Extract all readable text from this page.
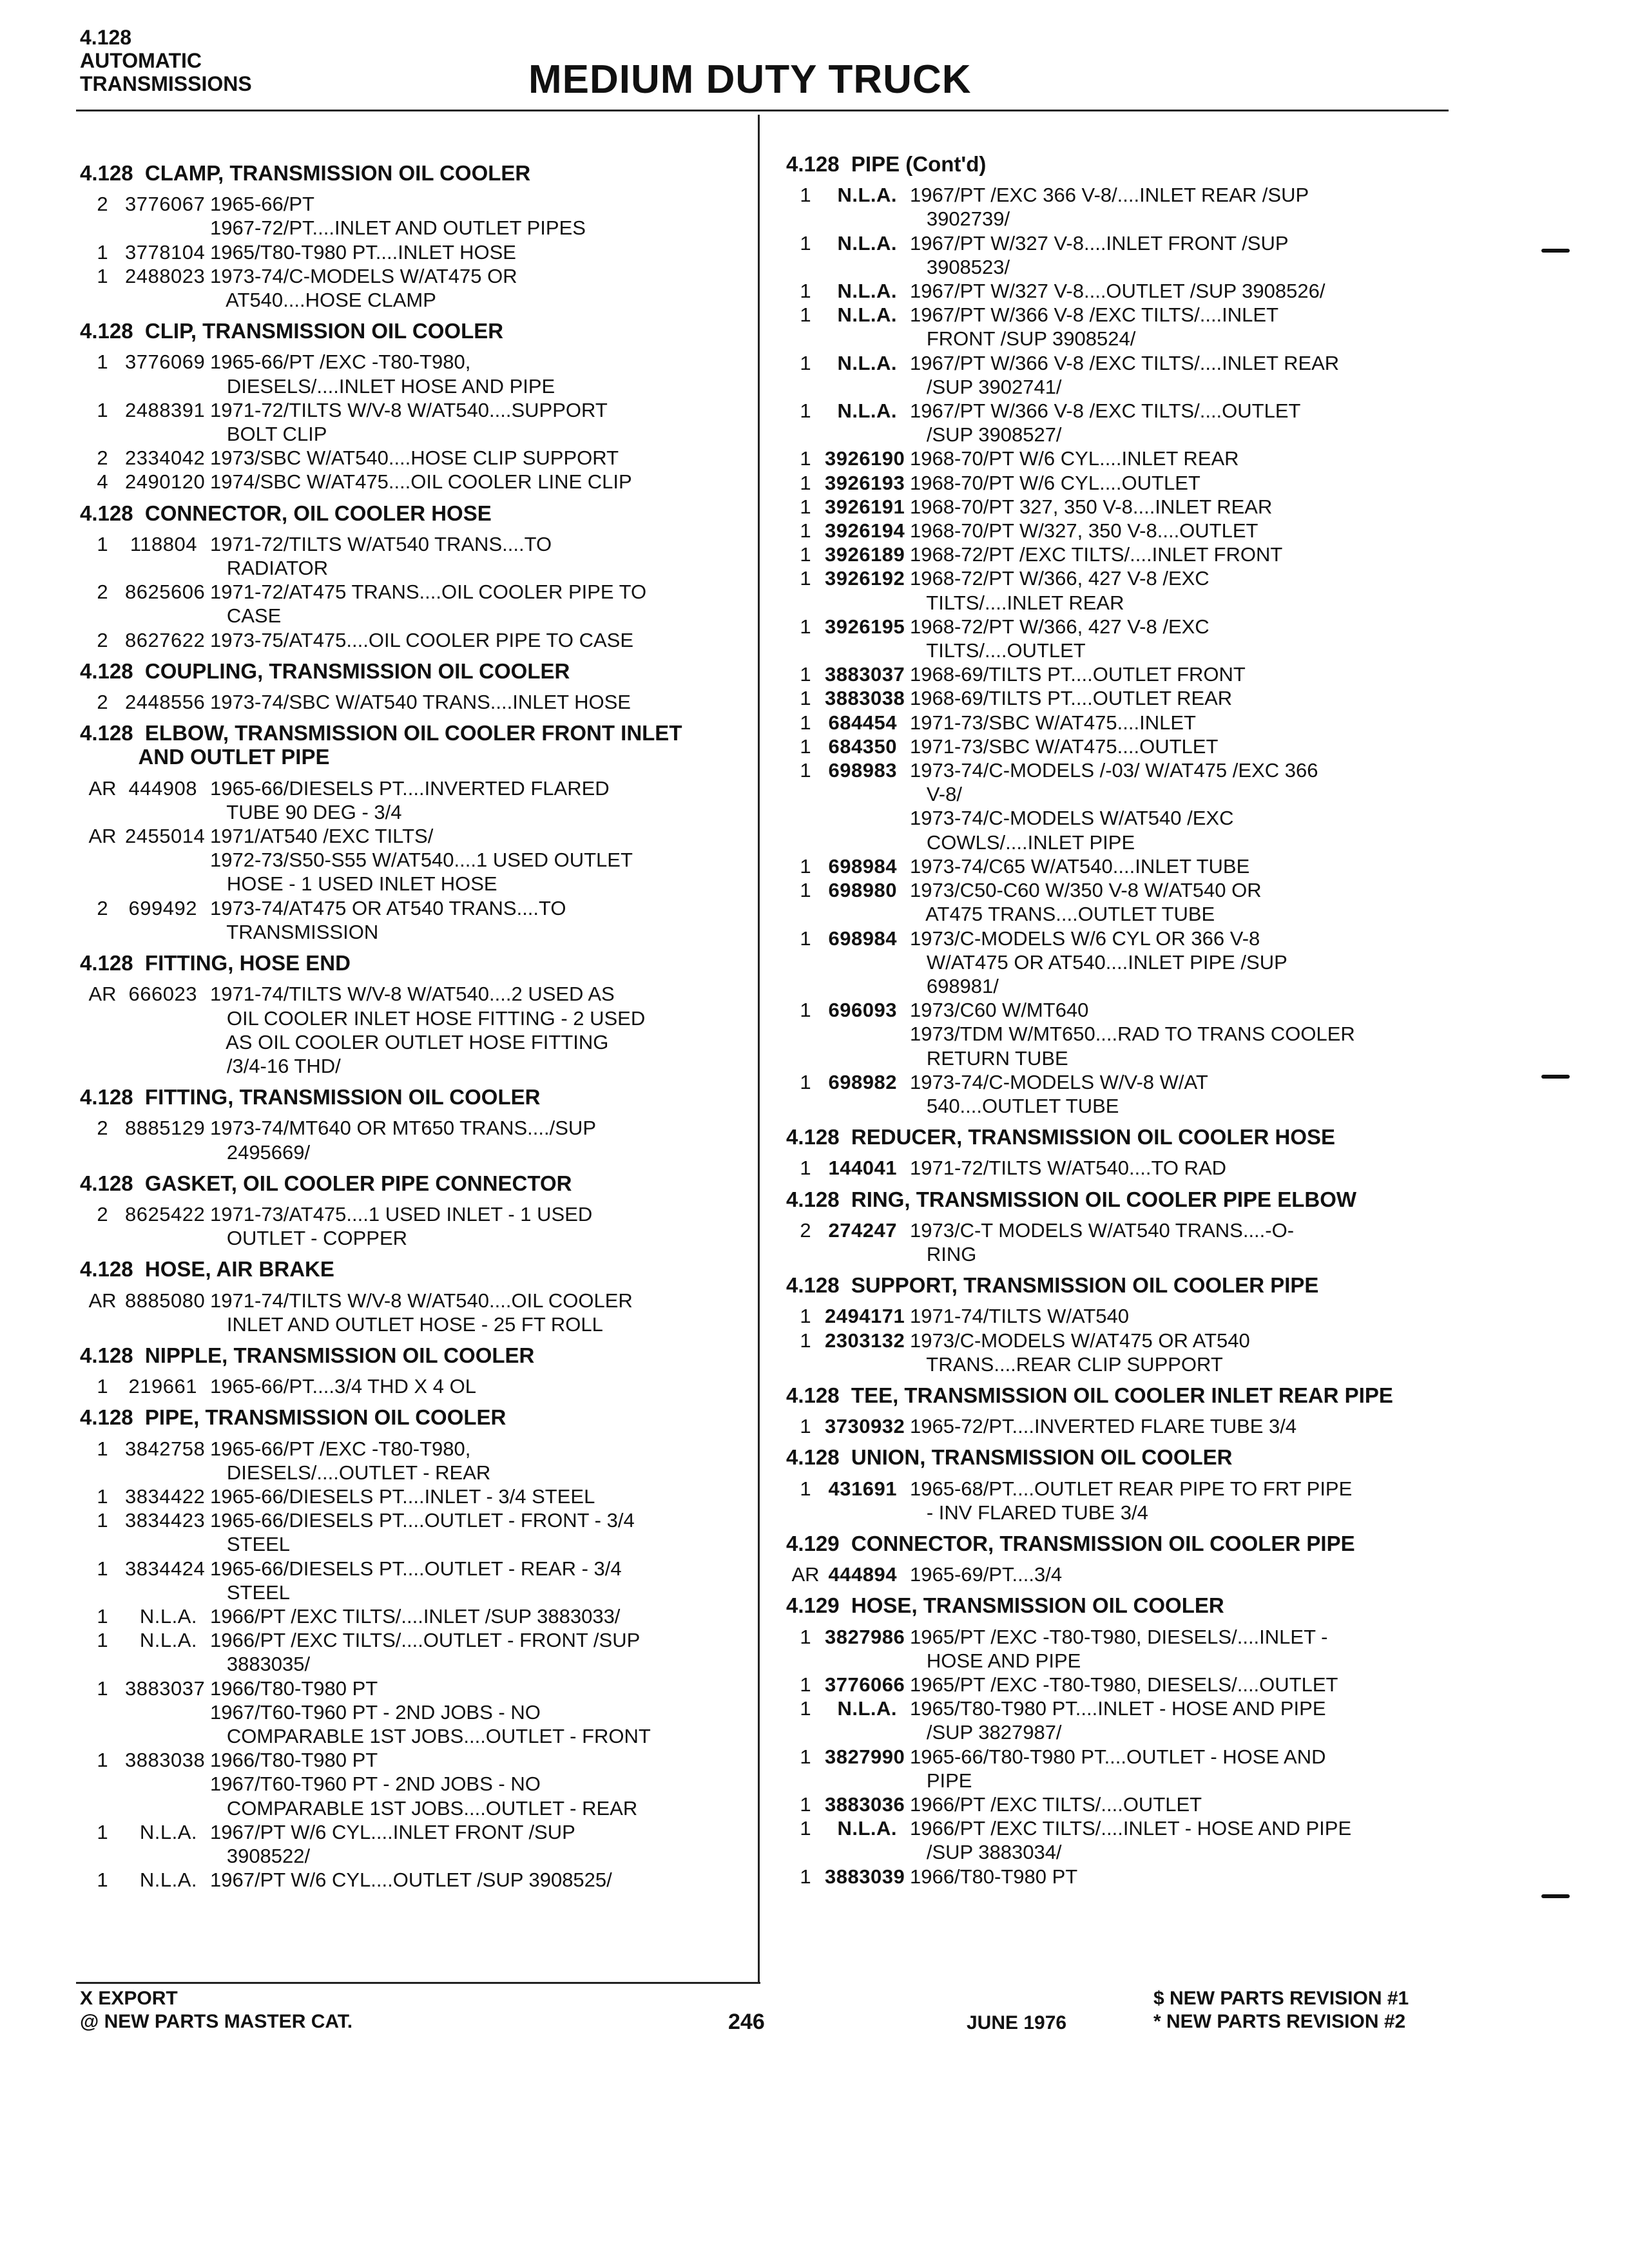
4.128
AUTOMATIC
TRANSMISSIONS	MEDIUM DUTY TRUCK
4.128  CLAMP, TRANSMISSION OIL COOLER
2 3776067 1965-66/PT
1967-72/PT....INLET AND OUTLET PIPES
1 3778104 1965/T80-T980 PT....INLET HOSE
1 2488023 1973-74/C-MODELS W/AT475 OR
AT540....HOSE CLAMP
4.128  CLIP, TRANSMISSION OIL COOLER
1 3776069 1965-66/PT /EXC -T80-T980,
DIESELS/....INLET HOSE AND PIPE
1 2488391 1971-72/TILTS W/V-8 W/AT540....SUPPORT
BOLT CLIP
2 2334042 1973/SBC W/AT540....HOSE CLIP SUPPORT
4 2490120 1974/SBC W/AT475....OIL COOLER LINE CLIP
4.128  CONNECTOR, OIL COOLER HOSE
1	118804 1971-72/TILTS W/AT540 TRANS....TO
RADIATOR
2 8625606 1971-72/AT475 TRANS....OIL COOLER PIPE TO
CASE
2 8627622 1973-75/AT475....OIL COOLER PIPE TO CASE
4.128  COUPLING, TRANSMISSION OIL COOLER
2 2448556 1973-74/SBC W/AT540 TRANS....INLET HOSE
4.128  ELBOW, TRANSMISSION OIL COOLER FRONT INLET
AND OUTLET PIPE
AR 444908 1965-66/DIESELS PT....INVERTED FLARED
TUBE 90 DEG - 3/4
AR 2455014 1971/AT540 /EXC TILTS/
1972-73/S50-S55 W/AT540....1 USED OUTLET
HOSE - 1 USED INLET HOSE
2	699492 1973-74/AT475 OR AT540 TRANS....TO
TRANSMISSION
4.128  FITTING, HOSE END
AR 666023 1971-74/TILTS W/V-8 W/AT540....2 USED AS
OIL COOLER INLET HOSE FITTING - 2 USED
AS OIL COOLER OUTLET HOSE FITTING
/3/4-16 THD/
4.128  FITTING, TRANSMISSION OIL COOLER
2 8885129 1973-74/MT640 OR MT650 TRANS..../SUP
2495669/
4.128  GASKET, OIL COOLER PIPE CONNECTOR
2 8625422 1971-73/AT475....1 USED INLET - 1 USED
OUTLET - COPPER
4.128  HOSE, AIR BRAKE
AR 8885080 1971-74/TILTS W/V-8 W/AT540....OIL COOLER
INLET AND OUTLET HOSE - 25 FT ROLL
4.128  NIPPLE, TRANSMISSION OIL COOLER
1	219661 1965-66/PT....3/4 THD X 4 OL
4.128  PIPE, TRANSMISSION OIL COOLER
1 3842758 1965-66/PT /EXC -T80-T980,
DIESELS/....OUTLET - REAR
1 3834422 1965-66/DIESELS PT....INLET - 3/4 STEEL
1 3834423 1965-66/DIESELS PT....OUTLET - FRONT - 3/4
STEEL
1 3834424 1965-66/DIESELS PT....OUTLET - REAR - 3/4
STEEL
1	N.L.A. 1966/PT /EXC TILTS/....INLET /SUP 3883033/
1	N.L.A. 1966/PT /EXC TILTS/....OUTLET - FRONT /SUP
3883035/
1 3883037 1966/T80-T980 PT
1967/T60-T960 PT - 2ND JOBS - NO
COMPARABLE 1ST JOBS....OUTLET - FRONT
1 3883038 1966/T80-T980 PT
1967/T60-T960 PT - 2ND JOBS - NO
COMPARABLE 1ST JOBS....OUTLET - REAR
1	N.L.A. 1967/PT W/6 CYL....INLET FRONT /SUP
3908522/
1	N.L.A. 1967/PT W/6 CYL....OUTLET /SUP 3908525/
4.128  PIPE (Cont'd)
1	N.L.A. 1967/PT /EXC 366 V-8/....INLET REAR /SUP
3902739/
1	N.L.A. 1967/PT W/327 V-8....INLET FRONT /SUP
3908523/
1	N.L.A. 1967/PT W/327 V-8....OUTLET /SUP 3908526/
1	N.L.A. 1967/PT W/366 V-8 /EXC TILTS/....INLET
FRONT /SUP 3908524/
1	N.L.A. 1967/PT W/366 V-8 /EXC TILTS/....INLET REAR
/SUP 3902741/
1	N.L.A. 1967/PT W/366 V-8 /EXC TILTS/....OUTLET
/SUP 3908527/
1 3926190 1968-70/PT W/6 CYL....INLET REAR
1 3926193 1968-70/PT W/6 CYL....OUTLET
1 3926191 1968-70/PT 327, 350 V-8....INLET REAR
1 3926194 1968-70/PT W/327, 350 V-8....OUTLET
1 3926189 1968-72/PT /EXC TILTS/....INLET FRONT
1 3926192 1968-72/PT W/366, 427 V-8 /EXC
TILTS/....INLET REAR
1 3926195 1968-72/PT W/366, 427 V-8 /EXC
TILTS/....OUTLET
1 3883037 1968-69/TILTS PT....OUTLET FRONT
1 3883038 1968-69/TILTS PT....OUTLET REAR
1 684454 1971-73/SBC W/AT475....INLET
1 684350 1971-73/SBC W/AT475....OUTLET
1 698983 1973-74/C-MODELS /-03/ W/AT475 /EXC 366
V-8/
1973-74/C-MODELS W/AT540 /EXC
COWLS/....INLET PIPE
1 698984 1973-74/C65 W/AT540....INLET TUBE
1 698980 1973/C50-C60 W/350 V-8 W/AT540 OR
AT475 TRANS....OUTLET TUBE
1 698984 1973/C-MODELS W/6 CYL OR 366 V-8
W/AT475 OR AT540....INLET PIPE /SUP
698981/
1 696093 1973/C60 W/MT640
1973/TDM W/MT650....RAD TO TRANS COOLER
RETURN TUBE
1 698982 1973-74/C-MODELS W/V-8 W/AT
540....OUTLET TUBE
4.128  REDUCER, TRANSMISSION OIL COOLER HOSE
1 144041 1971-72/TILTS W/AT540....TO RAD
4.128  RING, TRANSMISSION OIL COOLER PIPE ELBOW
2 274247 1973/C-T MODELS W/AT540 TRANS....-O-
RING
4.128  SUPPORT, TRANSMISSION OIL COOLER PIPE
1 2494171 1971-74/TILTS W/AT540
1 2303132 1973/C-MODELS W/AT475 OR AT540
TRANS....REAR CLIP SUPPORT
4.128  TEE, TRANSMISSION OIL COOLER INLET REAR PIPE
1 3730932 1965-72/PT....INVERTED FLARE TUBE 3/4
4.128  UNION, TRANSMISSION OIL COOLER
1 431691 1965-68/PT....OUTLET REAR PIPE TO FRT PIPE
- INV FLARED TUBE 3/4
4.129  CONNECTOR, TRANSMISSION OIL COOLER PIPE
AR 444894 1965-69/PT....3/4
4.129  HOSE, TRANSMISSION OIL COOLER
1 3827986 1965/PT /EXC -T80-T980, DIESELS/....INLET -
HOSE AND PIPE
1 3776066 1965/PT /EXC -T80-T980, DIESELS/....OUTLET
1	N.L.A. 1965/T80-T980 PT....INLET - HOSE AND PIPE
/SUP 3827987/
1 3827990 1965-66/T80-T980 PT....OUTLET - HOSE AND
PIPE
1 3883036 1966/PT /EXC TILTS/....OUTLET
1	N.L.A. 1966/PT /EXC TILTS/....INLET - HOSE AND PIPE
/SUP 3883034/
1 3883039 1966/T80-T980 PT
X EXPORT
@ NEW PARTS MASTER CAT.	246	JUNE 1976
$ NEW PARTS REVISION #1
* NEW PARTS REVISION #2
